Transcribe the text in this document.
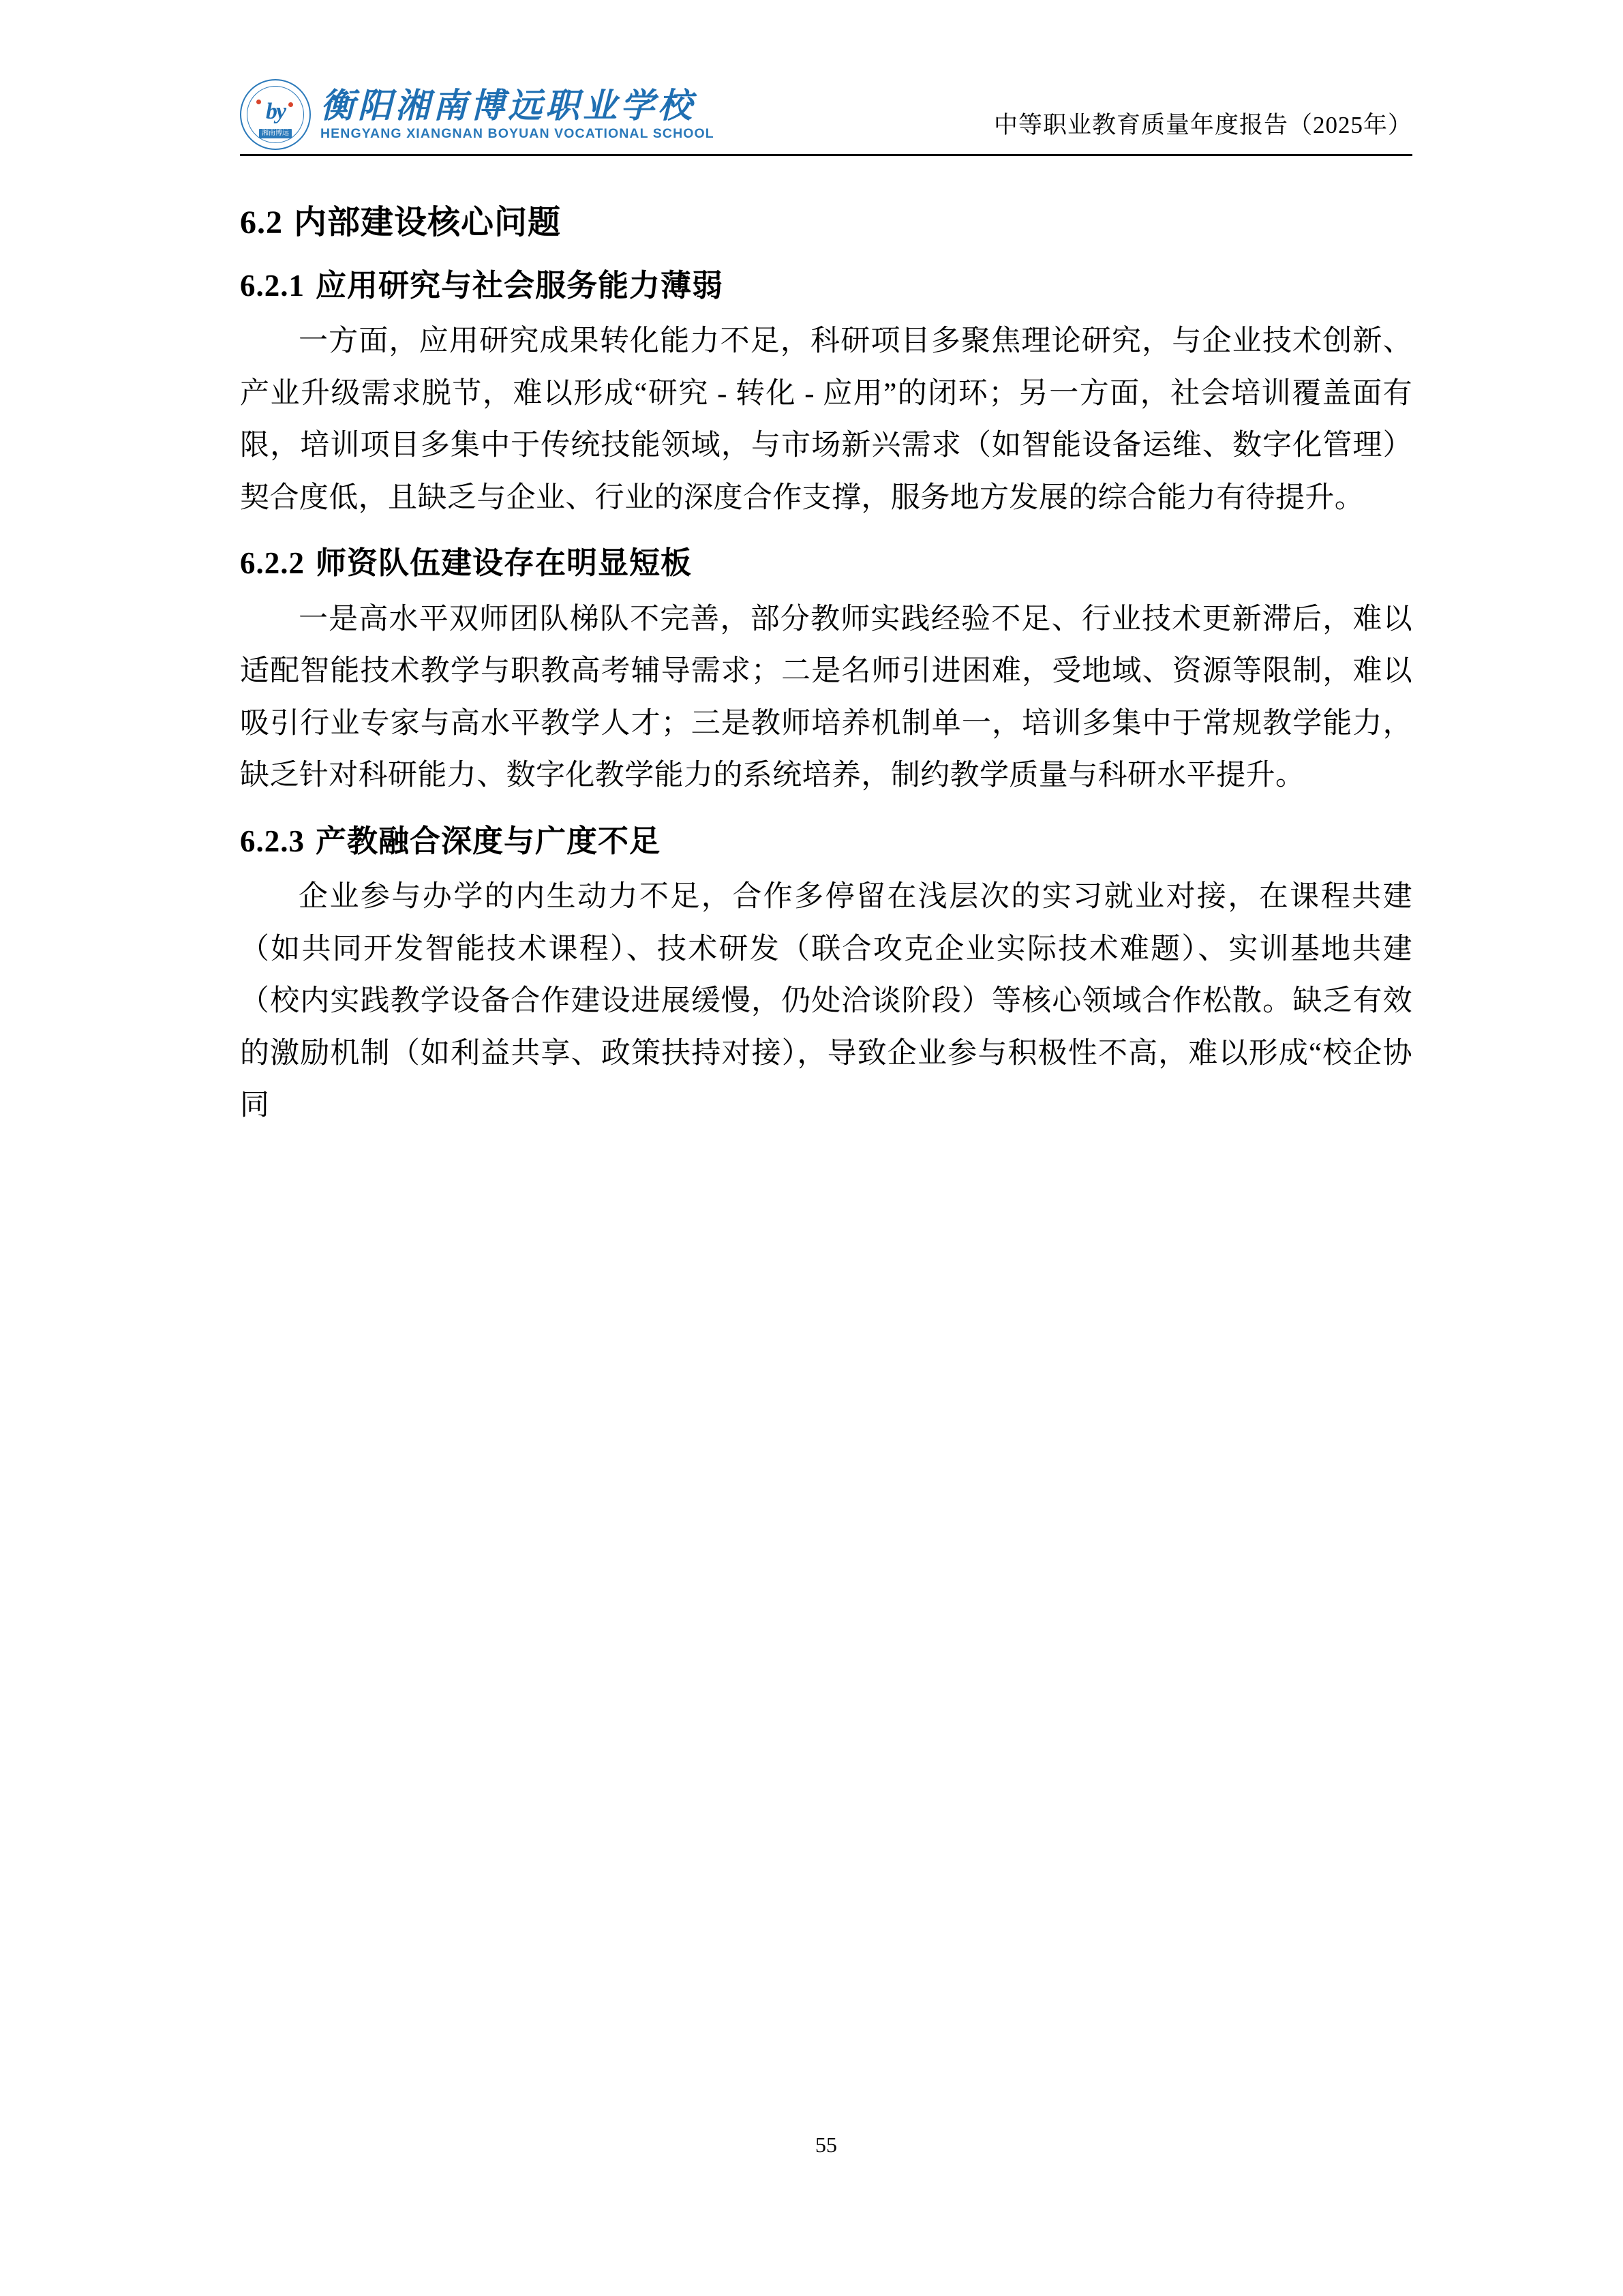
by
湘南博远
衡阳湘南博远职业学校
HENGYANG XIANGNAN BOYUAN VOCATIONAL SCHOOL	中等职业教育质量年度报告（2025年）
6.2 内部建设核心问题
6.2.1 应用研究与社会服务能力薄弱

一方面，应用研究成果转化能力不足，科研项目多聚焦理论研究，与企业技术创新、产业升级需求脱节，难以形成“研究 - 转化 - 应用”的闭环；另一方面，社会培训覆盖面有限，培训项目多集中于传统技能领域，与市场新兴需求（如智能设备运维、数字化管理）契合度低，且缺乏与企业、行业的深度合作支撑，服务地方发展的综合能力有待提升。

6.2.2 师资队伍建设存在明显短板

一是高水平双师团队梯队不完善，部分教师实践经验不足、行业技术更新滞后，难以适配智能技术教学与职教高考辅导需求；二是名师引进困难，受地域、资源等限制，难以吸引行业专家与高水平教学人才；三是教师培养机制单一，培训多集中于常规教学能力，缺乏针对科研能力、数字化教学能力的系统培养，制约教学质量与科研水平提升。

6.2.3 产教融合深度与广度不足

企业参与办学的内生动力不足，合作多停留在浅层次的实习就业对接，在课程共建（如共同开发智能技术课程）、技术研发（联合攻克企业实际技术难题）、实训基地共建（校内实践教学设备合作建设进展缓慢，仍处洽谈阶段）等核心领域合作松散。缺乏有效的激励机制（如利益共享、政策扶持对接），导致企业参与积极性不高，难以形成“校企协同

55
